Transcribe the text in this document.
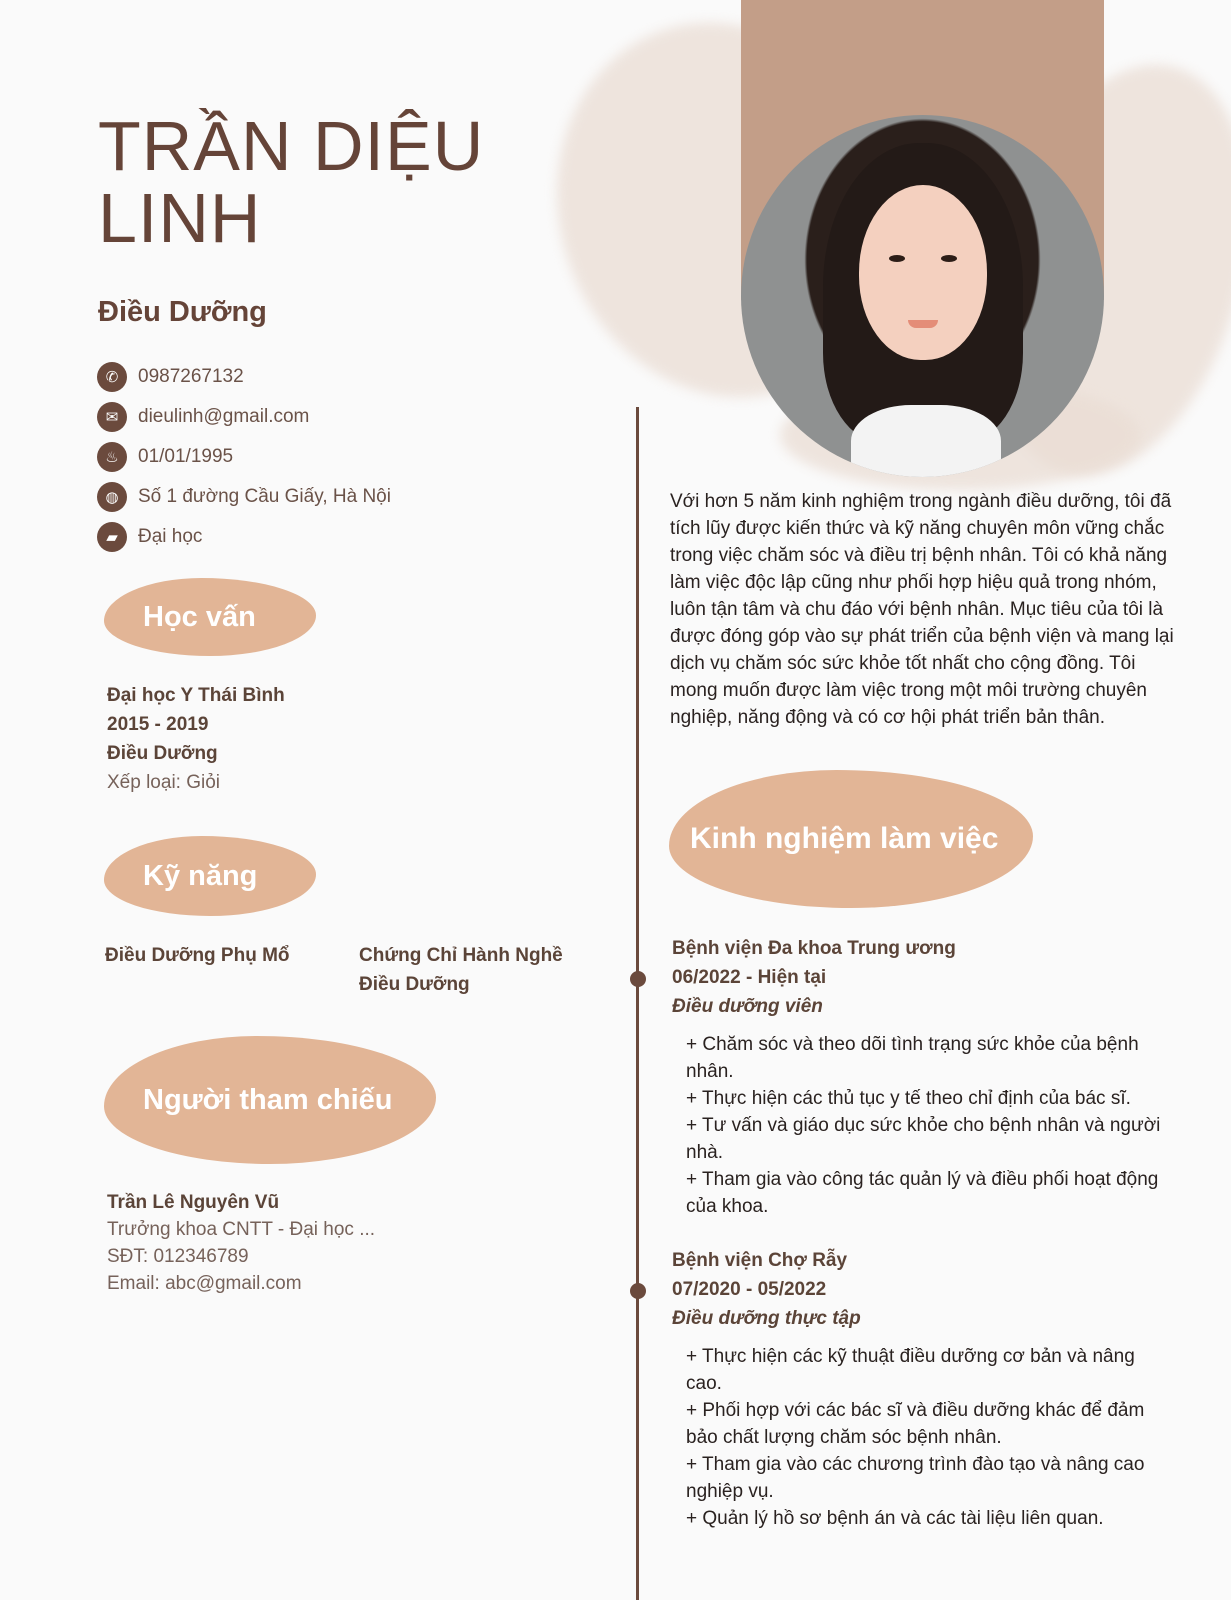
TRẦN DIỆU
LINH
Điều Dưỡng
✆	0987267132
✉	dieulinh@gmail.com
♨	01/01/1995
◍	Số 1 đường Cầu Giấy, Hà Nội
▰	Đại học
Học vấn
Đại học Y Thái Bình
2015 - 2019
Điều Dưỡng
Xếp loại: Giỏi
Kỹ năng
Điều Dưỡng Phụ Mổ	Chứng Chỉ Hành Nghề Điều Dưỡng
Người tham chiếu
Trần Lê Nguyên Vũ
Trưởng khoa CNTT - Đại học ...
SĐT: 012346789
Email: abc@gmail.com
Với hơn 5 năm kinh nghiệm trong ngành điều dưỡng, tôi đã tích lũy được kiến thức và kỹ năng chuyên môn vững chắc trong việc chăm sóc và điều trị bệnh nhân. Tôi có khả năng làm việc độc lập cũng như phối hợp hiệu quả trong nhóm, luôn tận tâm và chu đáo với bệnh nhân. Mục tiêu của tôi là được đóng góp vào sự phát triển của bệnh viện và mang lại dịch vụ chăm sóc sức khỏe tốt nhất cho cộng đồng. Tôi mong muốn được làm việc trong một môi trường chuyên nghiệp, năng động và có cơ hội phát triển bản thân.
Kinh nghiệm làm việc
Bệnh viện Đa khoa Trung ương
06/2022 - Hiện tại
Điều dưỡng viên
+ Chăm sóc và theo dõi tình trạng sức khỏe của bệnh nhân.
+ Thực hiện các thủ tục y tế theo chỉ định của bác sĩ.
+ Tư vấn và giáo dục sức khỏe cho bệnh nhân và người nhà.
+ Tham gia vào công tác quản lý và điều phối hoạt động của khoa.
Bệnh viện Chợ Rẫy
07/2020 - 05/2022
Điều dưỡng thực tập
+ Thực hiện các kỹ thuật điều dưỡng cơ bản và nâng cao.
+ Phối hợp với các bác sĩ và điều dưỡng khác để đảm bảo chất lượng chăm sóc bệnh nhân.
+ Tham gia vào các chương trình đào tạo và nâng cao nghiệp vụ.
+ Quản lý hồ sơ bệnh án và các tài liệu liên quan.
